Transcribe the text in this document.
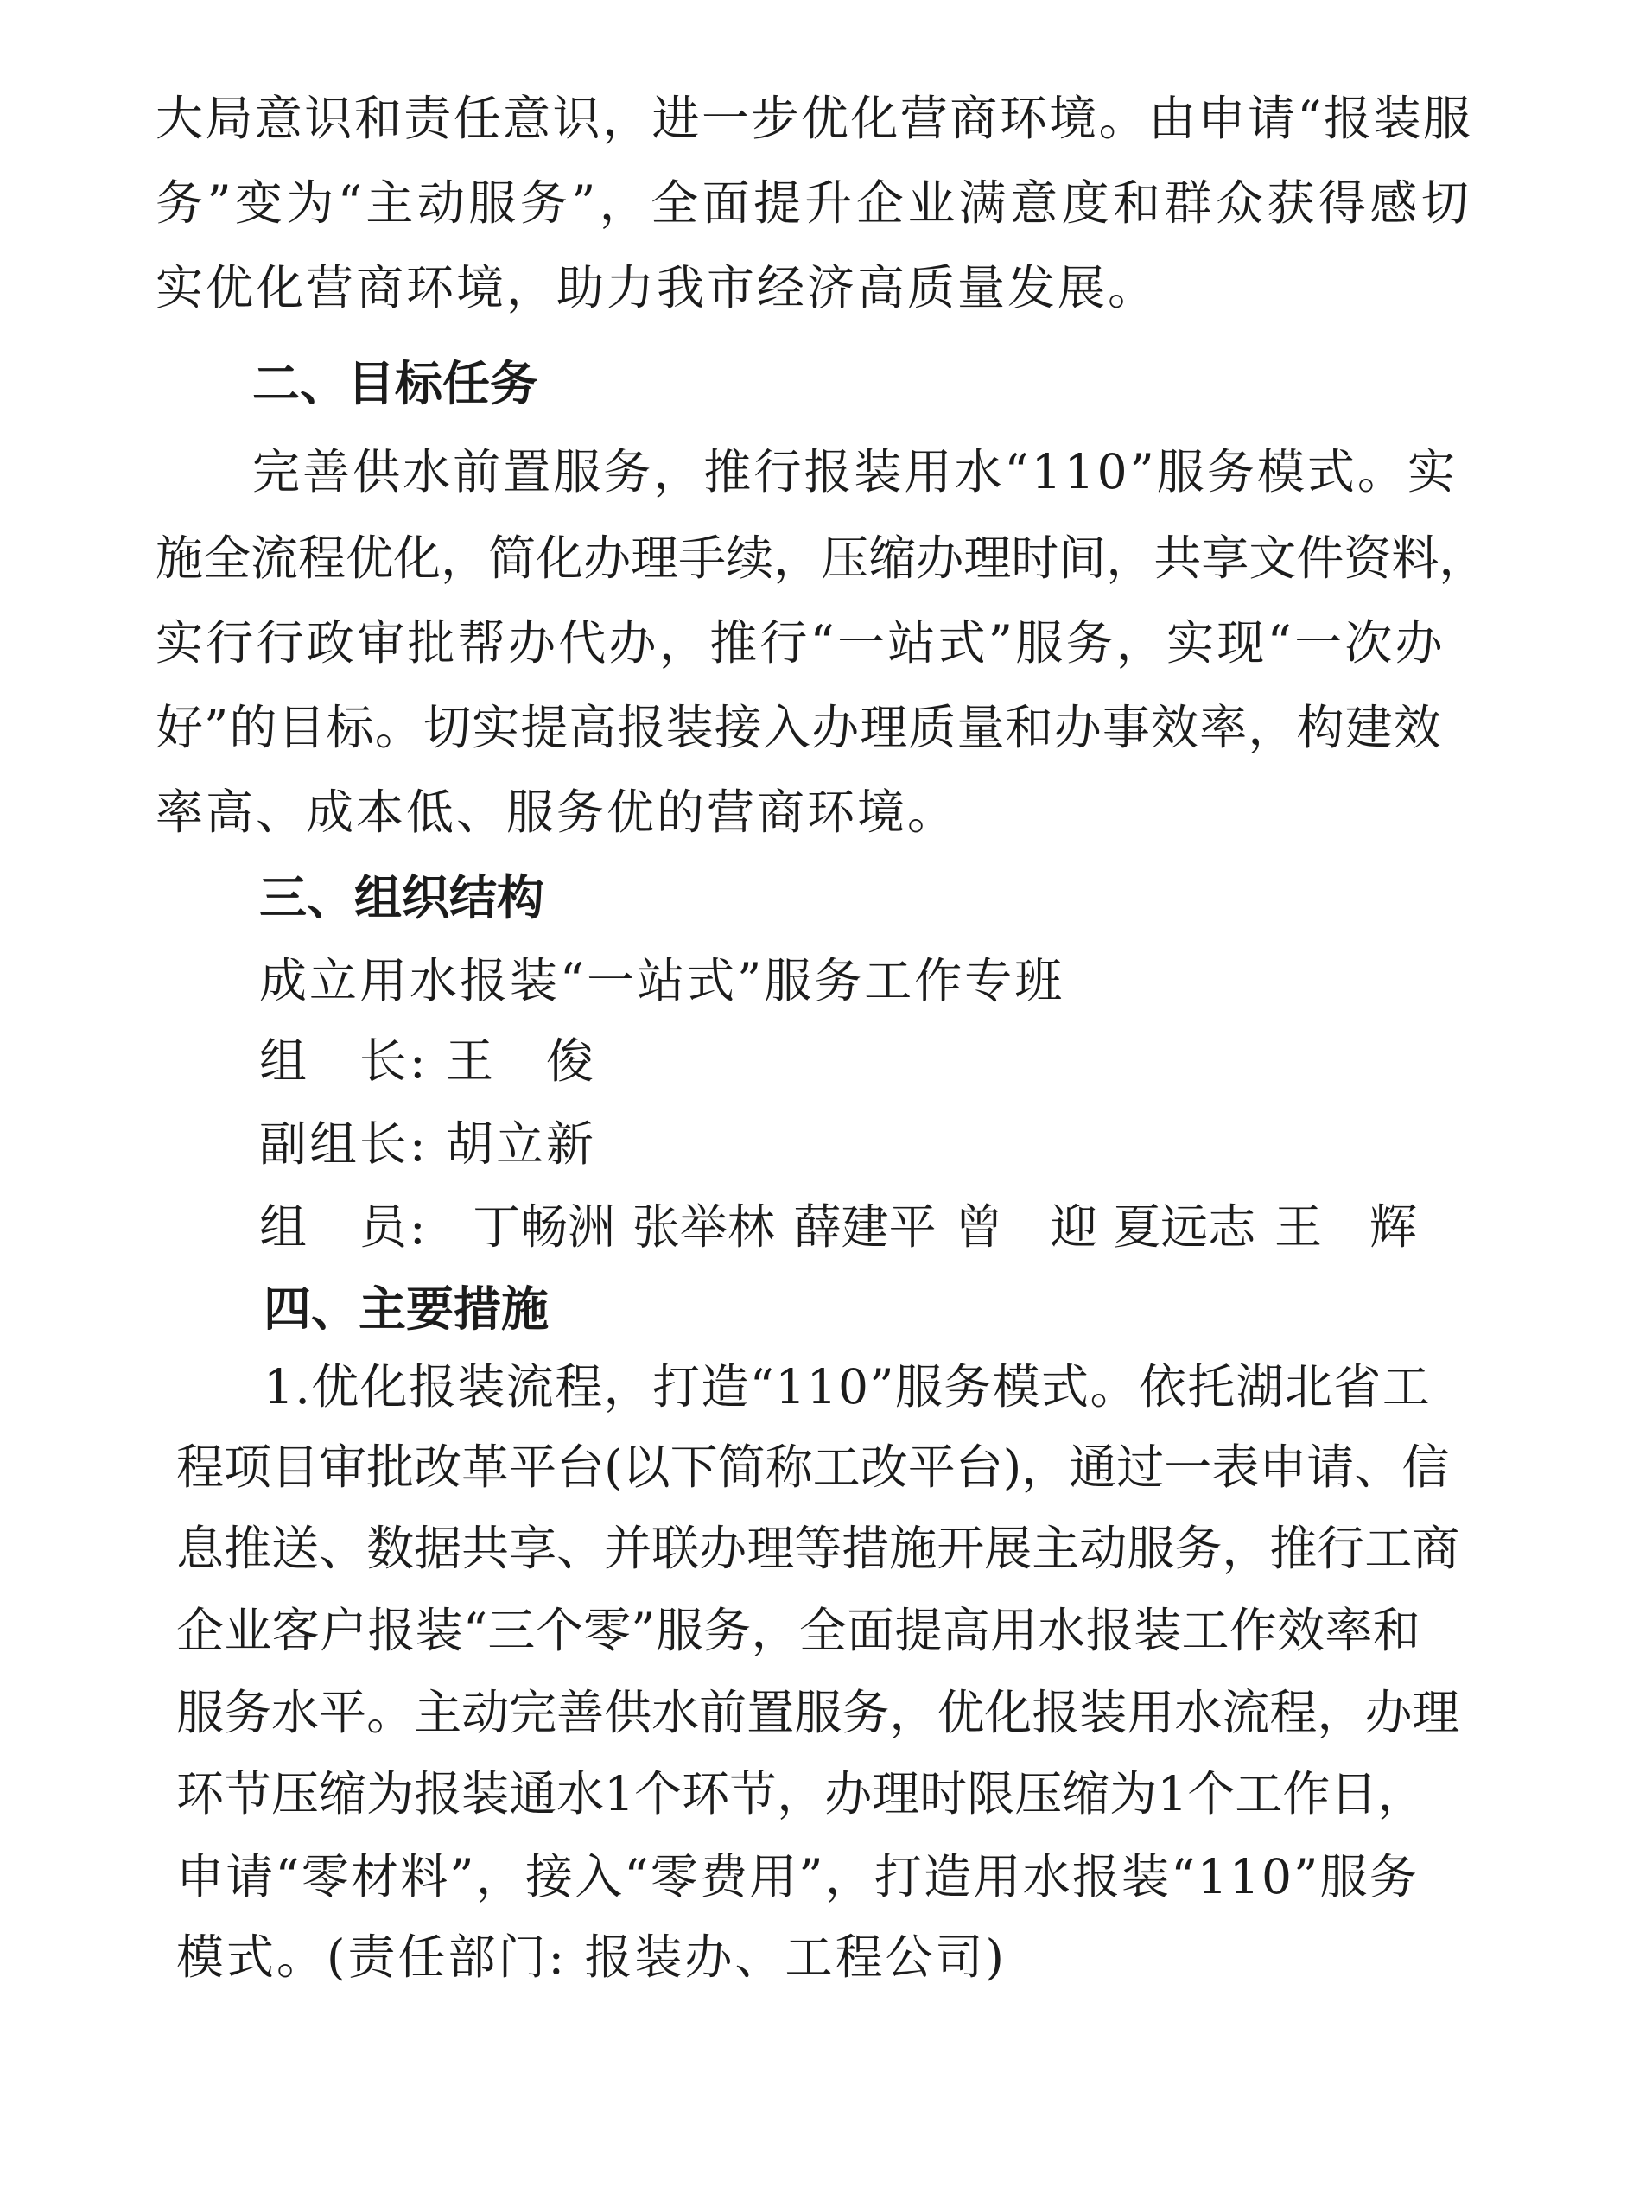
大 局 意 识 和 责 任 意 识 ， 进 一 步 优 化 营 商 环 境 。 由 申 请 “ 报 装 服
务 ” 变 为 “ 主 动 服 务 ” ， 全 面 提 升 企 业 满 意 度 和 群 众 获 得 感 切
实优化营商环境，助力我市经济高质量发展。
二、目标任务
完 善 供 水 前 置 服 务 ， 推 行 报 装 用 水 “ 1 1 0 ” 服 务 模 式 。 实
施 全 流 程 优 化 ， 简 化 办 理 手 续 ， 压 缩 办 理 时 间 ， 共 享 文 件 资 料 ，
实 行 行 政 审 批 帮 办 代 办 ， 推 行 “ 一 站 式 ” 服 务 ， 实 现 “ 一 次 办
好 ” 的 目 标 。 切 实 提 高 报 装 接 入 办 理 质 量 和 办 事 效 率 ， 构 建 效
率高、成本低、服务优的营商环境。
三、组织结构
成立用水报装“一站式”服务工作专班
组　长: 王　俊
副组长: 胡立新
组　员: 丁畅洲 张举林 薛建平 曾　迎 夏远志 王　辉
四、主要措施
1 . 优 化 报 装 流 程 ， 打 造 “ 1 1 0 ” 服 务 模 式 。 依 托 湖 北 省 工
程 项 目 审 批 改 革 平 台 ( 以 下 简 称 工 改 平 台 ) ， 通 过 一 表 申 请 、 信
息 推 送 、 数 据 共 享 、 并 联 办 理 等 措 施 开 展 主 动 服 务 ， 推 行 工 商
企 业 客 户 报 装 “ 三 个 零 ” 服 务 ， 全 面 提 高 用 水 报 装 工 作 效 率 和
服 务 水 平 。 主 动 完 善 供 水 前 置 服 务 ， 优 化 报 装 用 水 流 程 ， 办 理
环 节 压 缩 为 报 装 通 水 1 个 环 节 ， 办 理 时 限 压 缩 为 1 个 工 作 日 ，
申 请 “ 零 材 料 ” ， 接 入 “ 零 费 用 ” ， 打 造 用 水 报 装 “ 1 1 0 ” 服 务
模式。(责任部门: 报装办、工程公司)
